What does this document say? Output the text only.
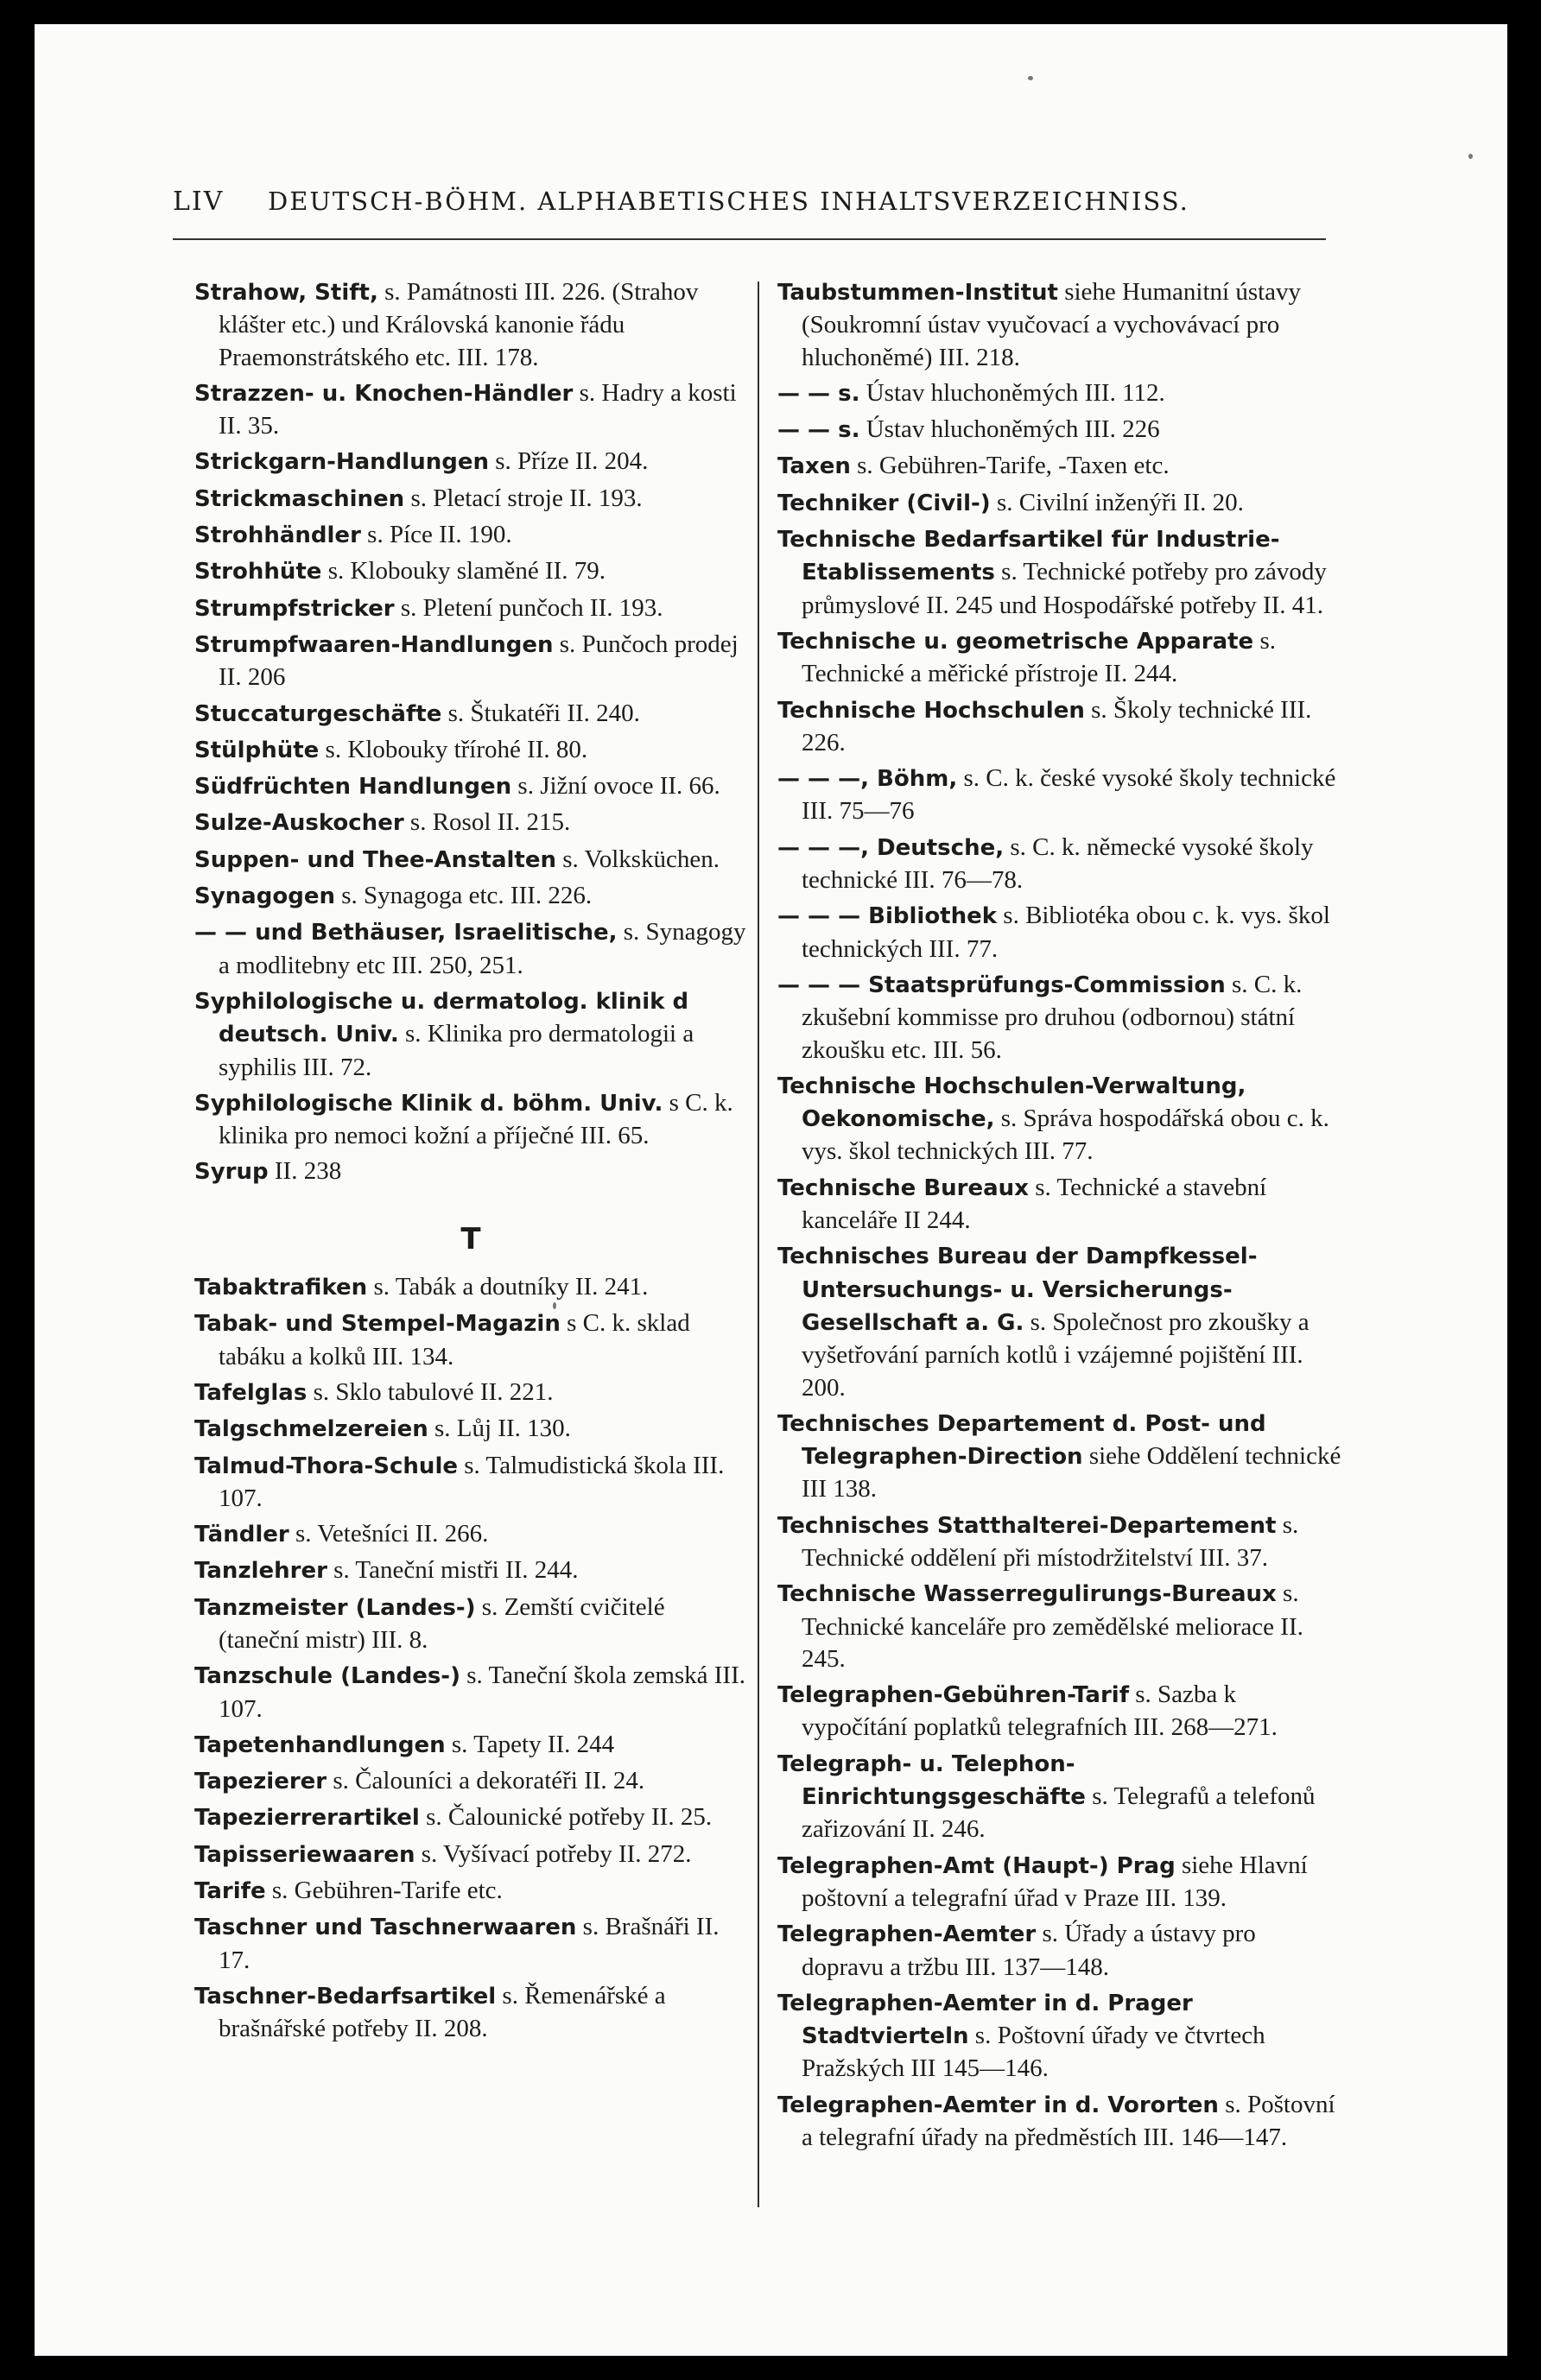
LIV DEUTSCH-BÖHM. ALPHABETISCHES INHALTSVERZEICHNISS.
Strahow, Stift, s. Památnosti III. 226. (Strahov klášter etc.) und Královská kanonie řádu Praemonstrátského etc. III. 178.
Strazzen- u. Knochen-Händler s. Hadry a kosti II. 35.
Strickgarn-Handlungen s. Příze II. 204.
Strickmaschinen s. Pletací stroje II. 193.
Strohhändler s. Píce II. 190.
Strohhüte s. Klobouky slaměné II. 79.
Strumpfstricker s. Pletení punčoch II. 193.
Strumpfwaaren-Handlungen s. Punčoch prodej II. 206
Stuccaturgeschäfte s. Štukatéři II. 240.
Stülphüte s. Klobouky třírohé II. 80.
Südfrüchten Handlungen s. Jižní ovoce II. 66.
Sulze-Auskocher s. Rosol II. 215.
Suppen- und Thee-Anstalten s. Volksküchen.
Synagogen s. Synagoga etc. III. 226.
— — und Bethäuser, Israelitische, s. Synagogy a modlitebny etc III. 250, 251.
Syphilologische u. dermatolog. klinik d deutsch. Univ. s. Klinika pro dermatologii a syphilis III. 72.
Syphilologische Klinik d. böhm. Univ. s C. k. klinika pro nemoci kožní a příječné III. 65.
Syrup II. 238
T
Tabaktrafiken s. Tabák a doutníky II. 241.
Tabak- und Stempel-Magazin s C. k. sklad tabáku a kolků III. 134.
Tafelglas s. Sklo tabulové II. 221.
Talgschmelzereien s. Lůj II. 130.
Talmud-Thora-Schule s. Talmudistická škola III. 107.
Tändler s. Vetešníci II. 266.
Tanzlehrer s. Taneční mistři II. 244.
Tanzmeister (Landes-) s. Zemští cvičitelé (taneční mistr) III. 8.
Tanzschule (Landes-) s. Taneční škola zemská III. 107.
Tapetenhandlungen s. Tapety II. 244
Tapezierer s. Čalouníci a dekoratéři II. 24.
Tapezierrerartikel s. Čalounické potřeby II. 25.
Tapisseriewaaren s. Vyšívací potřeby II. 272.
Tarife s. Gebühren-Tarife etc.
Taschner und Taschnerwaaren s. Brašnáři II. 17.
Taschner-Bedarfsartikel s. Řemenářské a brašnářské potřeby II. 208.
Taubstummen-Institut siehe Humanitní ústavy (Soukromní ústav vyučovací a vychovávací pro hluchoněmé) III. 218.
— — s. Ústav hluchoněmých III. 112.
— — s. Ústav hluchoněmých III. 226
Taxen s. Gebühren-Tarife, -Taxen etc.
Techniker (Civil-) s. Civilní inženýři II. 20.
Technische Bedarfsartikel für Industrie-Etablissements s. Technické potřeby pro závody průmyslové II. 245 und Hospodářské potřeby II. 41.
Technische u. geometrische Apparate s. Technické a měřické přístroje II. 244.
Technische Hochschulen s. Školy technické III. 226.
— — —, Böhm, s. C. k. české vysoké školy technické III. 75—76
— — —, Deutsche, s. C. k. německé vysoké školy technické III. 76—78.
— — — Bibliothek s. Bibliotéka obou c. k. vys. škol technických III. 77.
— — — Staatsprüfungs-Commission s. C. k. zkušební kommisse pro druhou (odbornou) státní zkoušku etc. III. 56.
Technische Hochschulen-Verwaltung, Oekonomische, s. Správa hospodářská obou c. k. vys. škol technických III. 77.
Technische Bureaux s. Technické a stavební kanceláře II 244.
Technisches Bureau der Dampfkessel-Untersuchungs- u. Versicherungs-Gesellschaft a. G. s. Společnost pro zkoušky a vyšetřování parních kotlů i vzájemné pojištění III. 200.
Technisches Departement d. Post- und Telegraphen-Direction siehe Oddělení technické III 138.
Technisches Statthalterei-Departement s. Technické oddělení při místodržitelství III. 37.
Technische Wasserregulirungs-Bureaux s. Technické kanceláře pro zemědělské meliorace II. 245.
Telegraphen-Gebühren-Tarif s. Sazba k vypočítání poplatků telegrafních III. 268—271.
Telegraph- u. Telephon-Einrichtungsgeschäfte s. Telegrafů a telefonů zařizování II. 246.
Telegraphen-Amt (Haupt-) Prag siehe Hlavní poštovní a telegrafní úřad v Praze III. 139.
Telegraphen-Aemter s. Úřady a ústavy pro dopravu a tržbu III. 137—148.
Telegraphen-Aemter in d. Prager Stadtvierteln s. Poštovní úřady ve čtvrtech Pražských III 145—146.
Telegraphen-Aemter in d. Vororten s. Poštovní a telegrafní úřady na předměstích III. 146—147.
